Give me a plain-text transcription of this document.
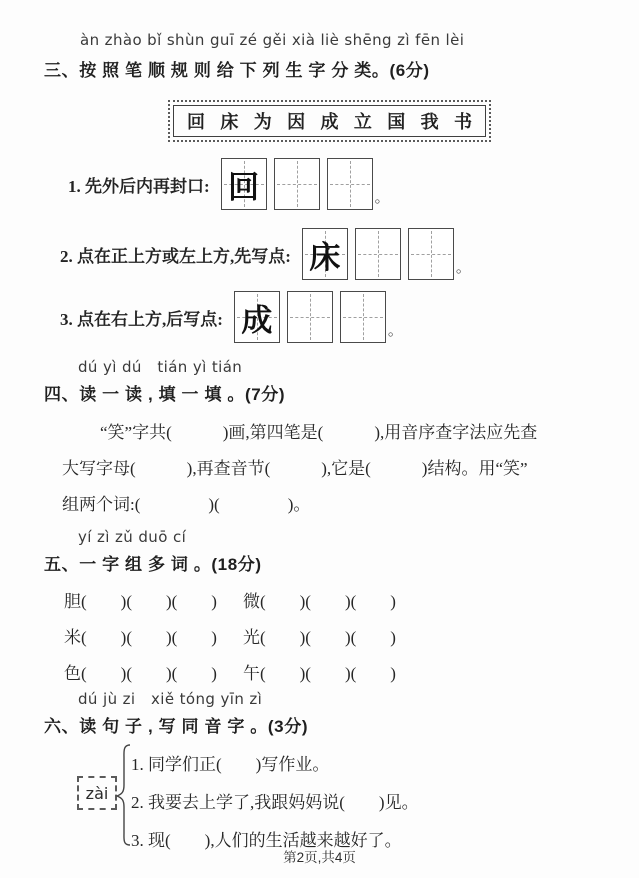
àn zhào bǐ shùn guī zé gěi xià liè shēng zì fēn lèi
三、按 照 笔 顺 规 则 给 下 列 生 字 分 类。(6分)
回 床 为 因 成 立 国 我 书
1. 先外后内再封口: 回	。
2. 点在正上方或左上方,先写点: 床	。
3. 点在右上方,后写点: 成	。
dú yì dú   tián yì tián
四、读 一 读 , 填 一 填 。(7分)
“笑”字共(　　　)画,第四笔是(　　　),用音序查字法应先查
大写字母(　　　),再查音节(　　　),它是(　　　)结构。用“笑”
组两个词:(　　　　)(　　　　)。
yí zì zǔ duō cí
五、一 字 组 多 词 。(18分)
胆(　　)(　　)(　　) 微(　　)(　　)(　　)
米(　　)(　　)(　　) 光(　　)(　　)(　　)
色(　　)(　　)(　　) 午(　　)(　　)(　　)
dú jù zi   xiě tóng yīn zì
六、读 句 子 , 写 同 音 字 。(3分)
zài
1. 同学们正(　　)写作业。
2. 我要去上学了,我跟妈妈说(　　)见。
3. 现(　　),人们的生活越来越好了。
第2页,共4页
